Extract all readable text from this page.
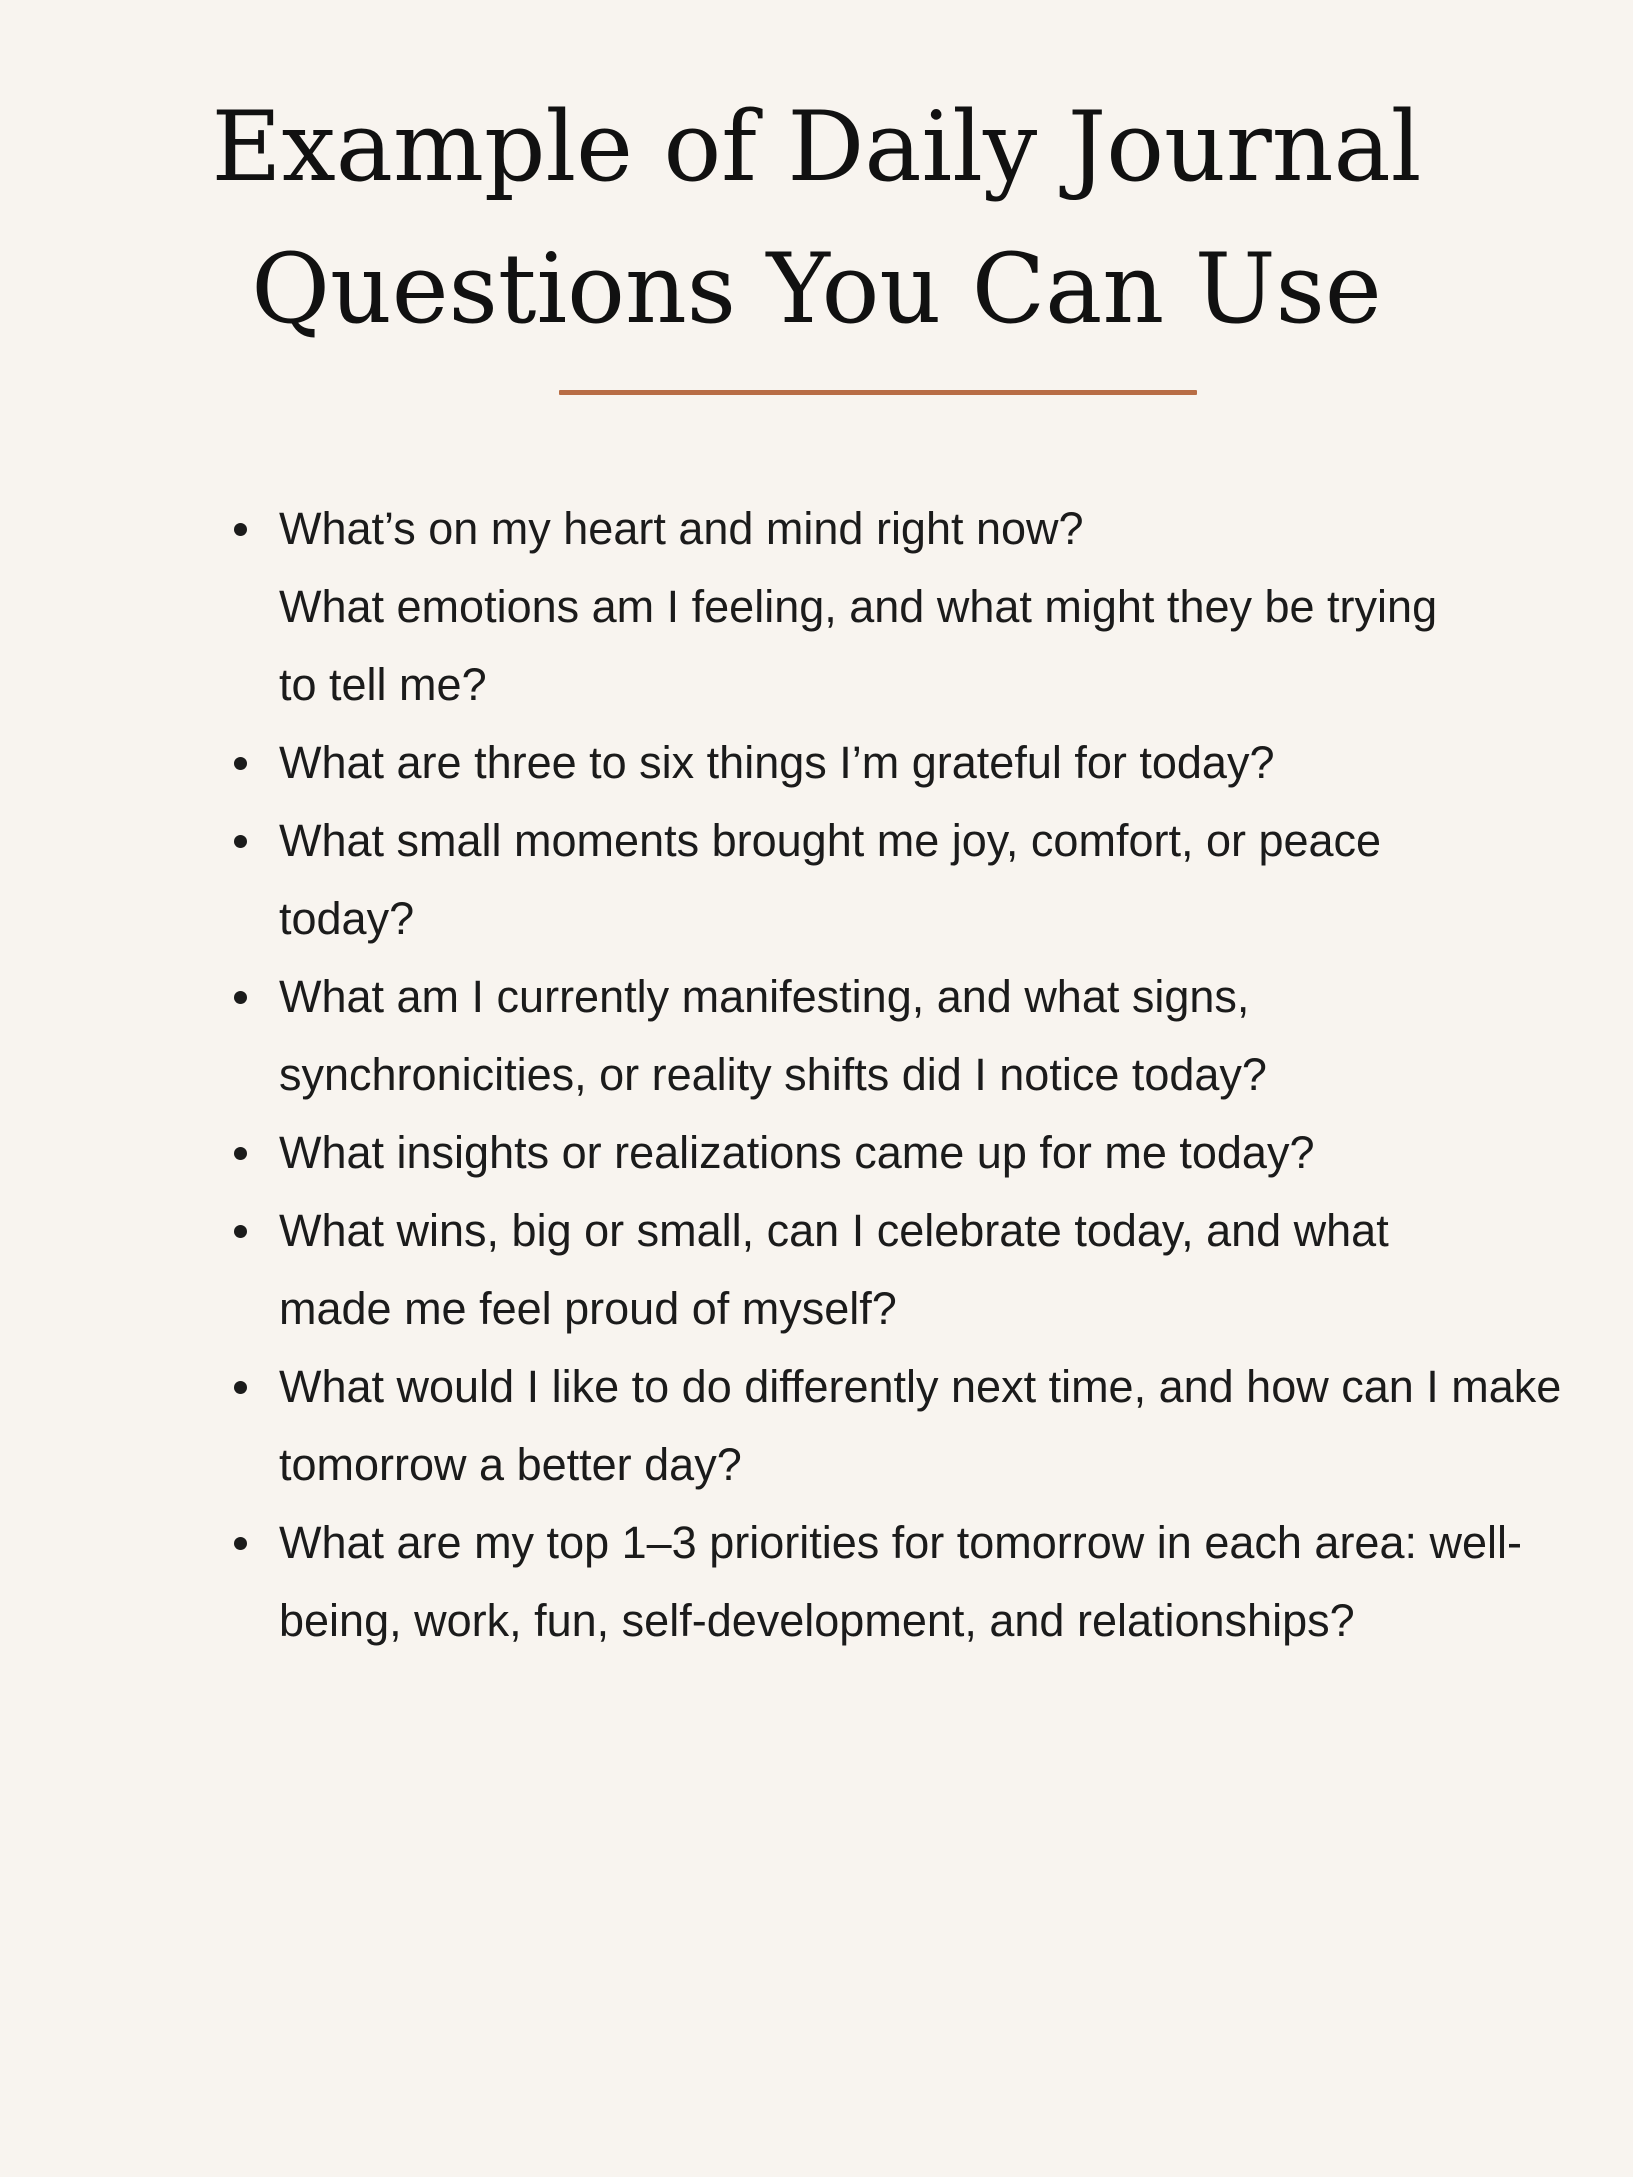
Example of Daily Journal
Questions You Can Use
What’s on my heart and mind right now?
What emotions am I feeling, and what might they be trying to tell me?
What are three to six things I’m grateful for today?
What small moments brought me joy, comfort, or peace today?
What am I currently manifesting, and what signs, synchronicities, or reality shifts did I notice today?
What insights or realizations came up for me today?
What wins, big or small, can I celebrate today, and what made me feel proud of myself?
What would I like to do differently next time, and how can I make tomorrow a better day?
What are my top 1–3 priorities for tomorrow in each area: well-being, work, fun, self-development, and relationships?
